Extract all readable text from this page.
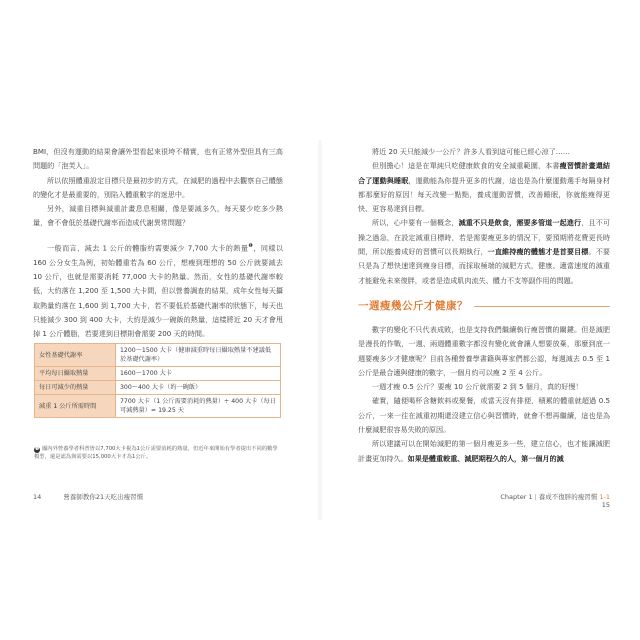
BMI，但沒有運動的結果會讓外型看起來很垮不精實，也有正常外型但具有三高問題的「泡芙人」。

所以依照體重設定目標只是最初步的方式，在減肥的過程中去觀察自己體態的變化才是最重要的，別陷入體重數字的迷思中。

另外，減重目標與減重計畫息息相關，像是要減多久，每天要少吃多少熱量，會不會低於基礎代謝率而造成代謝異常問題？

一般而言，減去 1 公斤的體脂約需要減少 7,700 大卡的熱量$^❶$，同樣以 160 公分女生為例，初始體重若為 60 公斤，想瘦到理想的 50 公斤就要減去 10 公斤，也就是需要消耗 77,000 大卡的熱量。然而，女性的基礎代謝率較低，大約落在 1,200 至 1,500 大卡間，但以營養調查的結果，成年女性每天攝取熱量約落在 1,600 到 1,700 大卡，若不要低於基礎代謝率的狀態下，每天也只能減少 300 到 400 大卡，大約是減少一碗飯的熱量，這樣將近 20 天才會甩掉 1 公斤體脂，若要達到目標則會需要 200 天的時間。

女性基礎代謝率	1200～1500 大卡（健康減重時每日攝取熱量不建議低於基礎代謝率）
平均每日攝取熱量	1600～1700 大卡
每日可減少的熱量	300～400 大卡（約一碗飯）
減重 1 公斤所需時間	7700 大卡（1 公斤需要消耗的熱量）÷ 400 大卡（每日可減熱量）= 19.25 天
❶ 國內外營養學者科普皆以7,700大卡視為1公斤需要消耗的熱量，但近年來開始有學者提出不同的數學模型，還是認為與需要以15,000大卡才為1公斤。
14	營養師教你21天吃出瘦習慣

將近 20 天只能減少一公斤？許多人看到這可能已經心涼了……

但別擔心！這是在單純只吃健康飲食的安全減重範圍，本書瘦習慣計畫還結合了運動與睡眠，運動能為你提升更多的代謝，這也是為什麼運動選手每隔身材都那麼好的原因！每天改變一點點，養成運動習慣，改善睡眠，你就能瘦得更快、更容易達到目標。

所以，心中要有一個概念，減重不只是飲食，需要多管道一起進行，且不可操之過急，在設定減重目標時，若是需要瘦更多的情況下，要預期將花費更長時間，所以能養成好的習慣可以長期執行，一直維持瘦的體態才是首要目標。不要只是為了想快速達到瘦身目標，而採取極端的減肥方式，健康、適當速度的減重才能避免未來復胖，或者是造成肌肉流失、體力不支等副作用的問題。

一週瘦幾公斤才健康？

數字的變化不只代表成敗，也是支持我們繼續執行瘦習慣的關鍵。但是減肥是漫長的作戰，一週、兩週體重數字都沒有變化就會讓人想要放棄，那麼到底一週要瘦多少才健康呢？目前各種營養學書籍與專家們都公認，每週減去 0.5 至 1 公斤是最合適與健康的數字，一個月約可以瘦 2 至 4 公斤。

一週才瘦 0.5 公斤？要瘦 10 公斤就需要 2 到 5 個月，真的好慢！

確實，隨便喝杯含糖飲料或聚餐，或當天沒有排便，積累的體重就超過 0.5 公斤，一來一往在減重初期還沒建立信心與習慣時，就會不想再繼續，這也是為什麼減肥很容易失敗的原因。

所以建議可以在開始減肥的第一個月瘦更多一些，建立信心，也才能讓減肥計畫更加持久。如果是體重較重、減肥期程久的人，第一個月的減

Chapter 1 | 養成不復胖的瘦習慣 1-1 15
